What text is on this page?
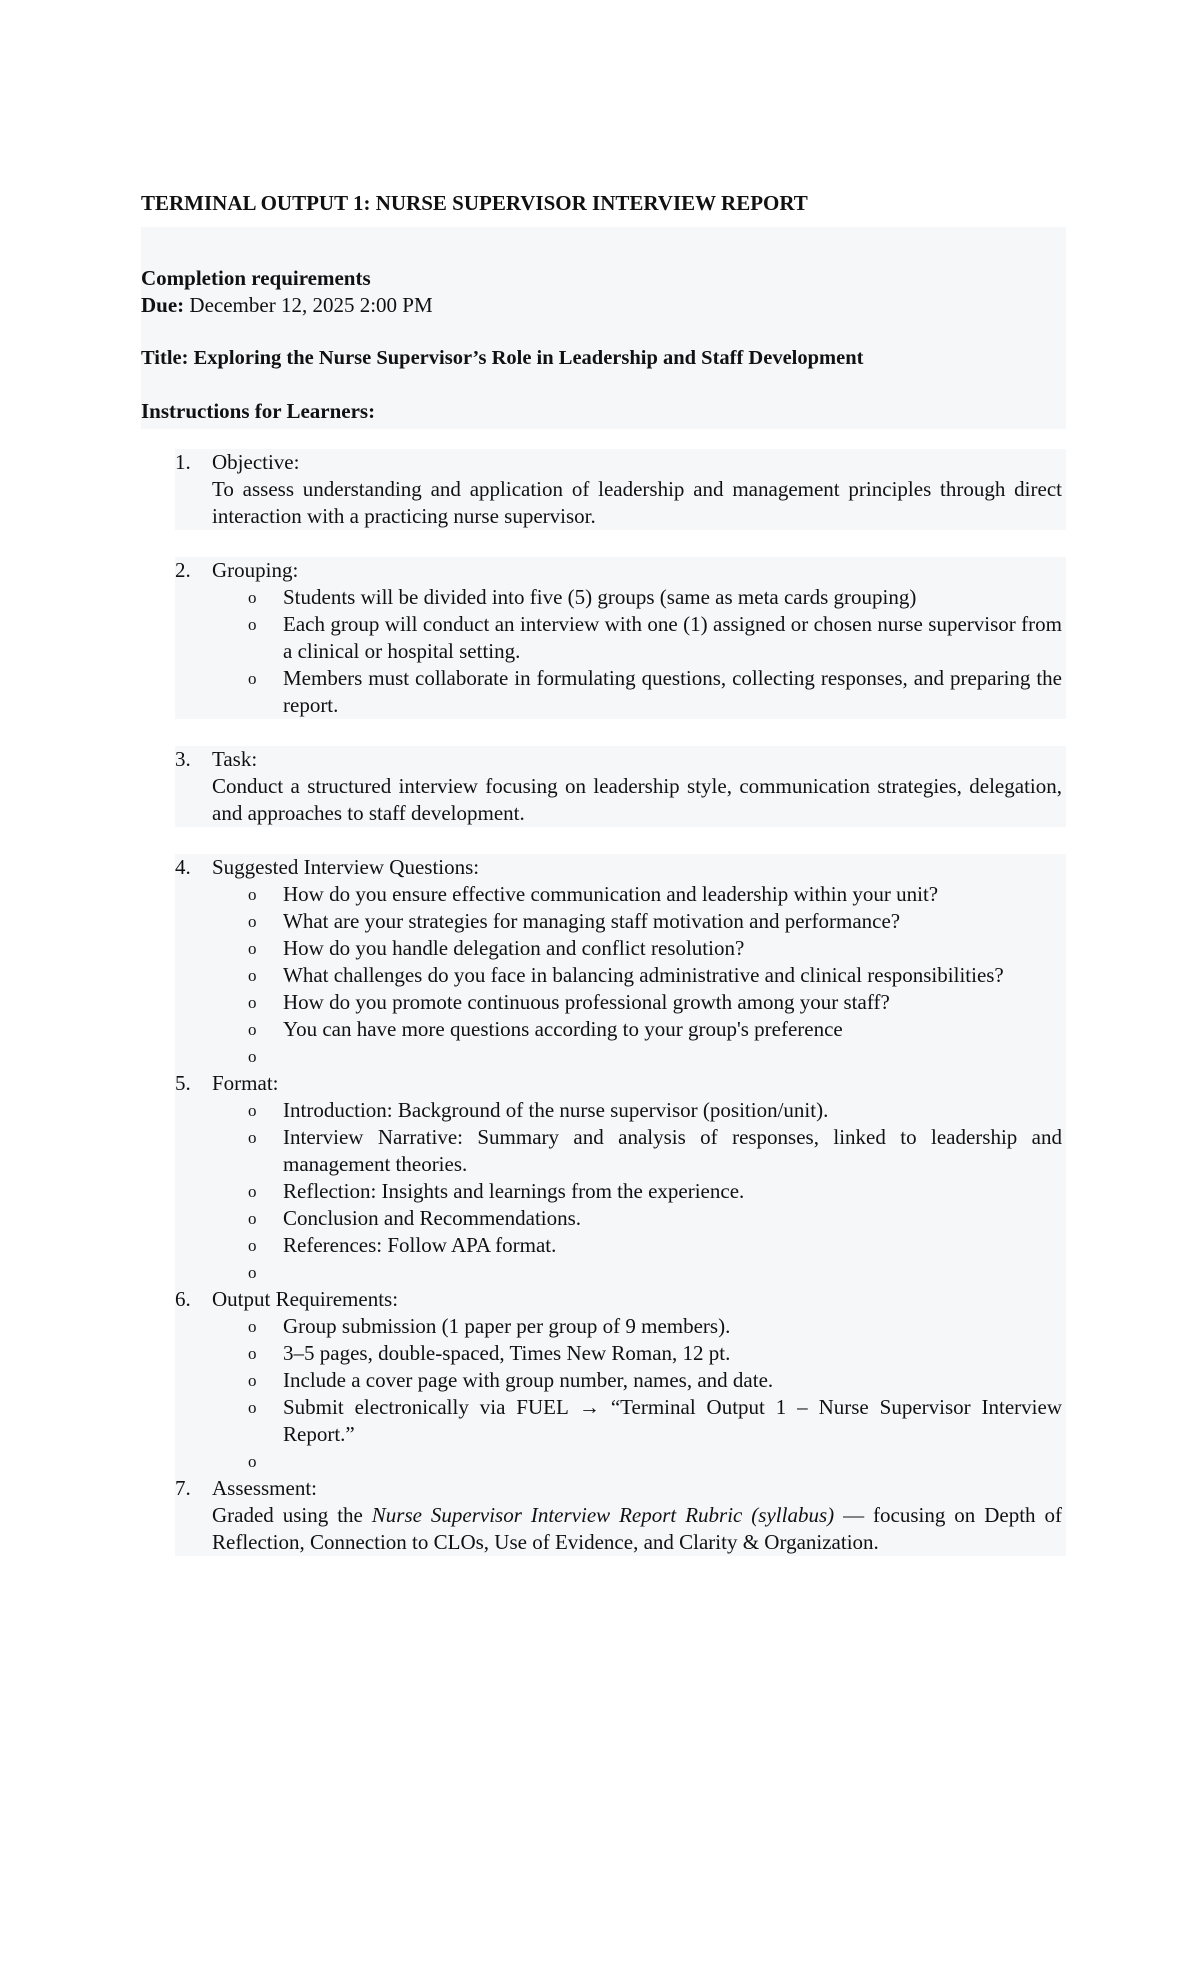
TERMINAL OUTPUT 1: NURSE SUPERVISOR INTERVIEW REPORT
Completion requirements
Due: December 12, 2025 2:00 PM
Title: Exploring the Nurse Supervisor’s Role in Leadership and Staff Development
Instructions for Learners:
1.	Objective:
To assess understanding and application of leadership and management principles through direct interaction with a practicing nurse supervisor.
2.	Grouping:
o Students will be divided into five (5) groups (same as meta cards grouping)
o Each group will conduct an interview with one (1) assigned or chosen nurse supervisor from a clinical or hospital setting.
o Members must collaborate in formulating questions, collecting responses, and preparing the report.
3.	Task:
Conduct a structured interview focusing on leadership style, communication strategies, delegation, and approaches to staff development.
4.	Suggested Interview Questions:
o How do you ensure effective communication and leadership within your unit?
o What are your strategies for managing staff motivation and performance?
o How do you handle delegation and conflict resolution?
o What challenges do you face in balancing administrative and clinical responsibilities?
o How do you promote continuous professional growth among your staff?
o You can have more questions according to your group's preference
o
5.	Format:
o Introduction: Background of the nurse supervisor (position/unit).
o Interview Narrative: Summary and analysis of responses, linked to leadership and management theories.
o Reflection: Insights and learnings from the experience.
o Conclusion and Recommendations.
o References: Follow APA format.
o
6.	Output Requirements:
o Group submission (1 paper per group of 9 members).
o 3–5 pages, double-spaced, Times New Roman, 12 pt.
o Include a cover page with group number, names, and date.
o Submit electronically via FUEL → “Terminal Output 1 – Nurse Supervisor Interview Report.”
o
7.	Assessment:
Graded using the Nurse Supervisor Interview Report Rubric (syllabus) — focusing on Depth of Reflection, Connection to CLOs, Use of Evidence, and Clarity & Organization.
